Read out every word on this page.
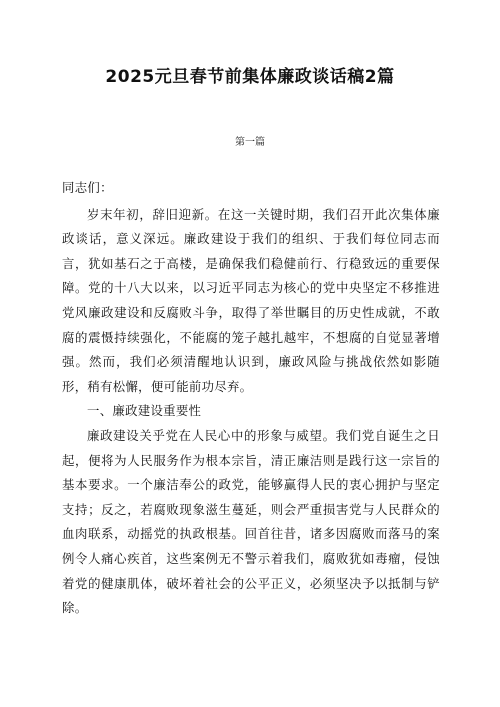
2025元旦春节前集体廉政谈话稿2篇
第一篇

同志们：

岁末年初，辞旧迎新。在这一关键时期，我们召开此次集体廉政谈话，意义深远。廉政建设于我们的组织、于我们每位同志而言，犹如基石之于高楼，是确保我们稳健前行、行稳致远的重要保障。党的十八大以来，以习近平同志为核心的党中央坚定不移推进党风廉政建设和反腐败斗争，取得了举世瞩目的历史性成就，不敢腐的震慑持续强化，不能腐的笼子越扎越牢，不想腐的自觉显著增强。然而，我们必须清醒地认识到，廉政风险与挑战依然如影随形，稍有松懈，便可能前功尽弃。

一、廉政建设重要性

廉政建设关乎党在人民心中的形象与威望。我们党自诞生之日起，便将为人民服务作为根本宗旨，清正廉洁则是践行这一宗旨的基本要求。一个廉洁奉公的政党，能够赢得人民的衷心拥护与坚定支持；反之，若腐败现象滋生蔓延，则会严重损害党与人民群众的血肉联系，动摇党的执政根基。回首往昔，诸多因腐败而落马的案例令人痛心疾首，这些案例无不警示着我们，腐败犹如毒瘤，侵蚀着党的健康肌体，破坏着社会的公平正义，必须坚决予以抵制与铲除。
